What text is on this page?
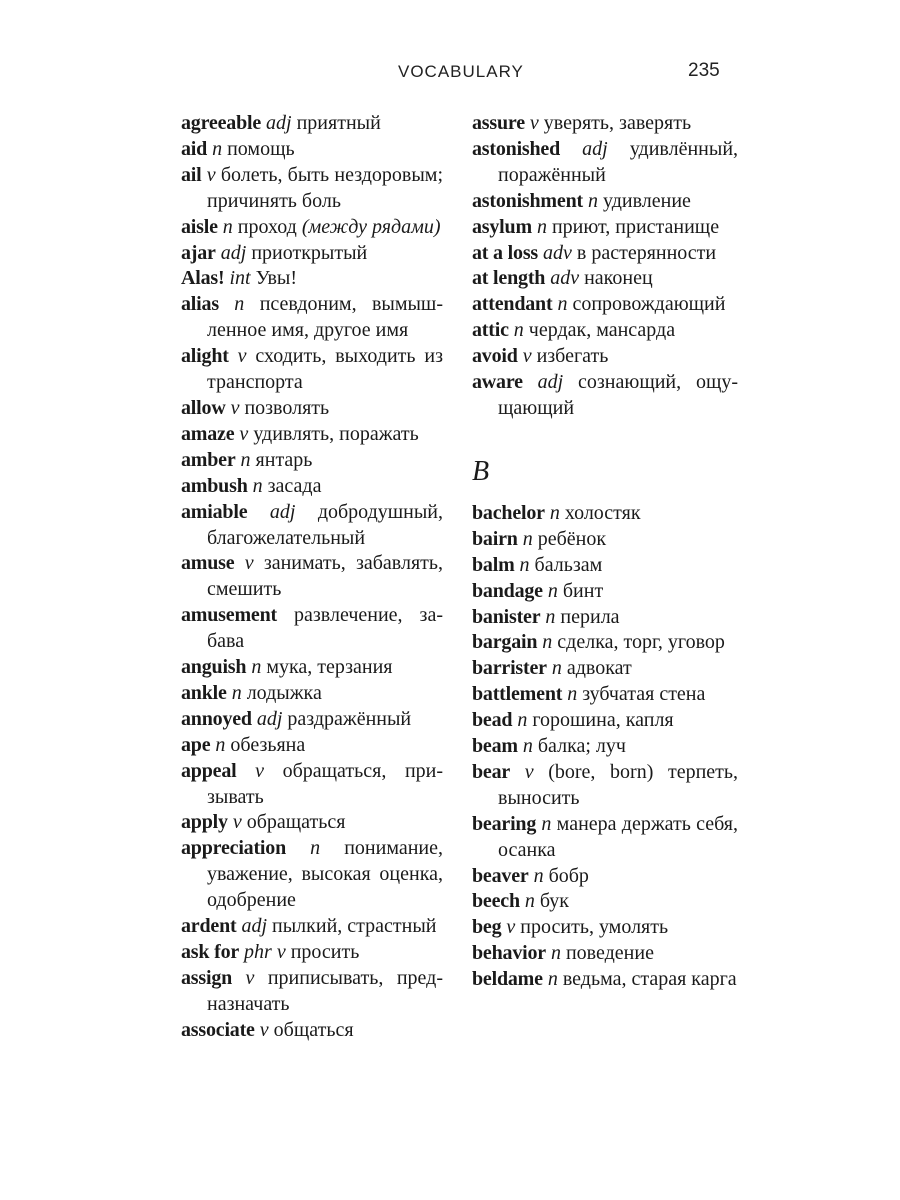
VOCABULARY	235
agreeable adj приятный
aid n помощь
ail v болеть, быть нездоровым; причинять боль
aisle n проход (между рядами)
ajar adj приоткрытый
Alas! int Увы!
alias n псевдоним, вымышленное имя, другое имя
alight v сходить, выходить из транспорта
allow v позволять
amaze v удивлять, поражать
amber n янтарь
ambush n засада
amiable adj добродушный, благожелательный
amuse v занимать, забавлять, смешить
amusement развлечение, забава
anguish n мука, терзания
ankle n лодыжка
annoyed adj раздражённый
ape n обезьяна
appeal v обращаться, призывать
apply v обращаться
appreciation n понимание, уважение, высокая оценка, одобрение
ardent adj пылкий, страстный
ask for phr v просить
assign v приписывать, предназначать
associate v общаться
assure v уверять, заверять
astonished adj удивлённый, поражённый
astonishment n удивление
asylum n приют, пристанище
at a loss adv в растерянности
at length adv наконец
attendant n сопровождающий
attic n чердак, мансарда
avoid v избегать
aware adj сознающий, ощущающий
B
bachelor n холостяк
bairn n ребёнок
balm n бальзам
bandage n бинт
banister n перила
bargain n сделка, торг, уговор
barrister n адвокат
battlement n зубчатая стена
bead n горошина, капля
beam n балка; луч
bear v (bore, born) терпеть, выносить
bearing n манера держать себя, осанка
beaver n бобр
beech n бук
beg v просить, умолять
behavior n поведение
beldame n ведьма, старая карга
